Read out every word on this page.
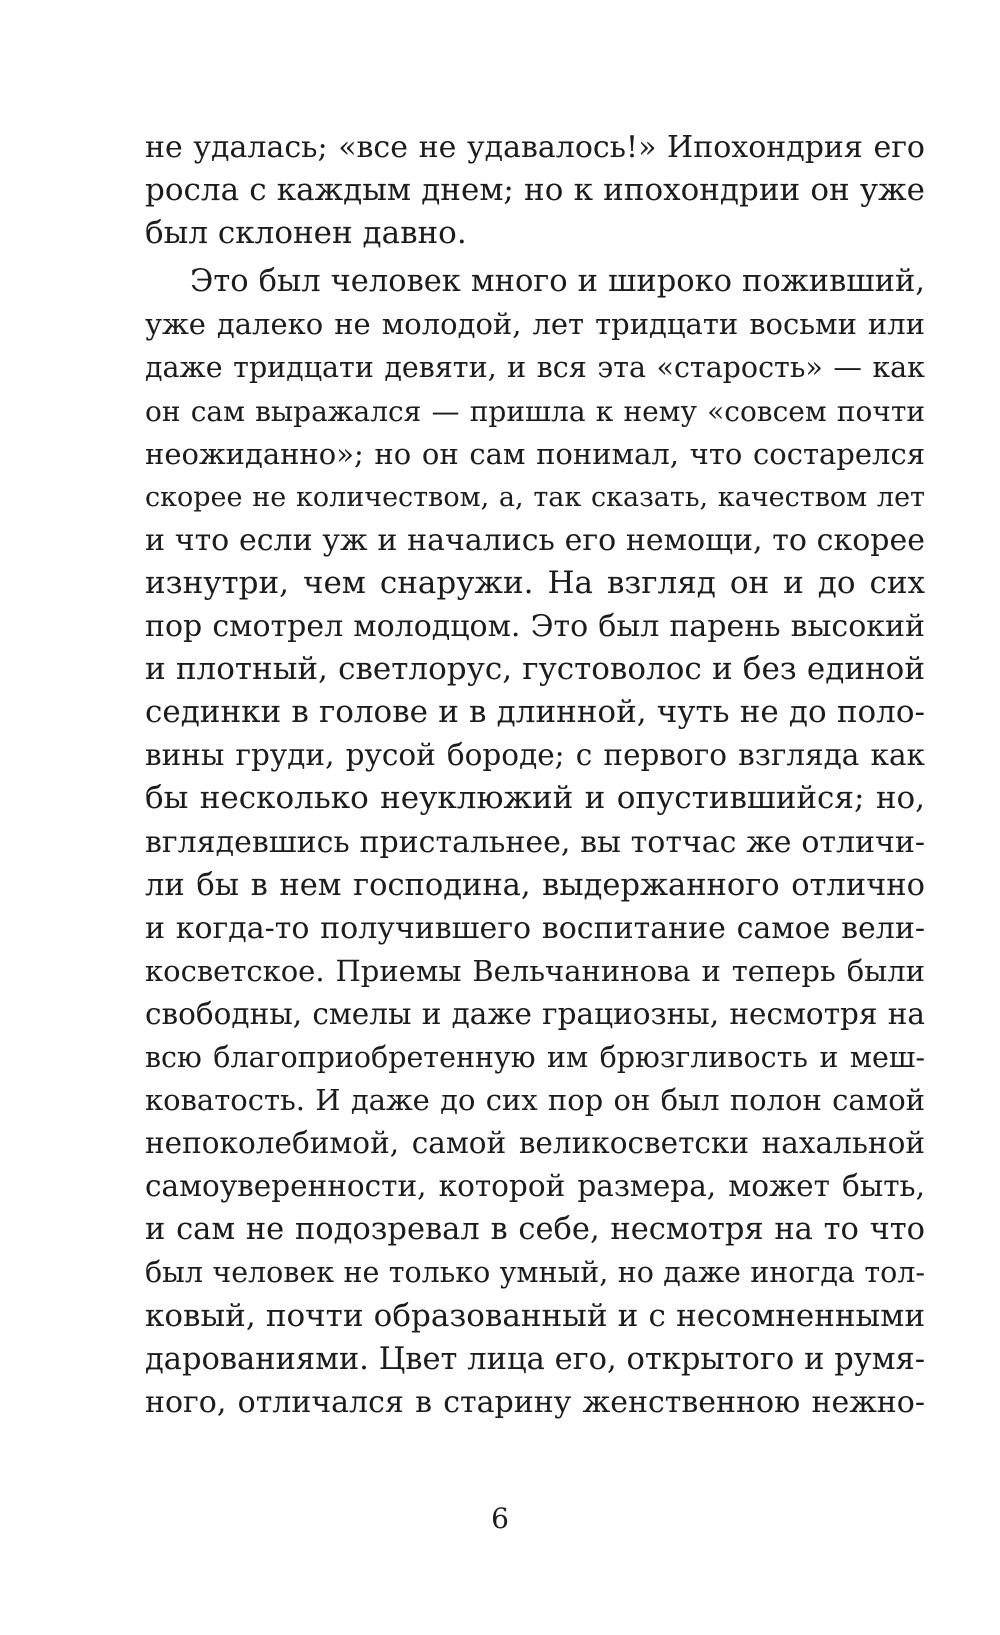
не удалась; «все не удавалось!» Ипохондрия его
росла с каждым днем; но к ипохондрии он уже
был склонен давно.
Это был человек много и широко поживший,
уже далеко не молодой, лет тридцати восьми или
даже тридцати девяти, и вся эта «старость» — как
он сам выражался — пришла к нему «совсем почти
неожиданно»; но он сам понимал, что состарелся
скорее не количеством, а, так сказать, качеством лет
и что если уж и начались его немощи, то скорее
изнутри, чем снаружи. На взгляд он и до сих
пор смотрел молодцом. Это был парень высокий
и плотный, светлорус, густоволос и без единой
сединки в голове и в длинной, чуть не до поло-
вины груди, русой бороде; с первого взгляда как
бы несколько неуклюжий и опустившийся; но,
вглядевшись пристальнее, вы тотчас же отличи-
ли бы в нем господина, выдержанного отлично
и когда-то получившего воспитание самое вели-
косветское. Приемы Вельчанинова и теперь были
свободны, смелы и даже грациозны, несмотря на
всю благоприобретенную им брюзгливость и меш-
коватость. И даже до сих пор он был полон самой
непоколебимой, самой великосветски нахальной
самоуверенности, которой размера, может быть,
и сам не подозревал в себе, несмотря на то что
был человек не только умный, но даже иногда тол-
ковый, почти образованный и с несомненными
дарованиями. Цвет лица его, открытого и румя-
ного, отличался в старину женственною нежно-
6
